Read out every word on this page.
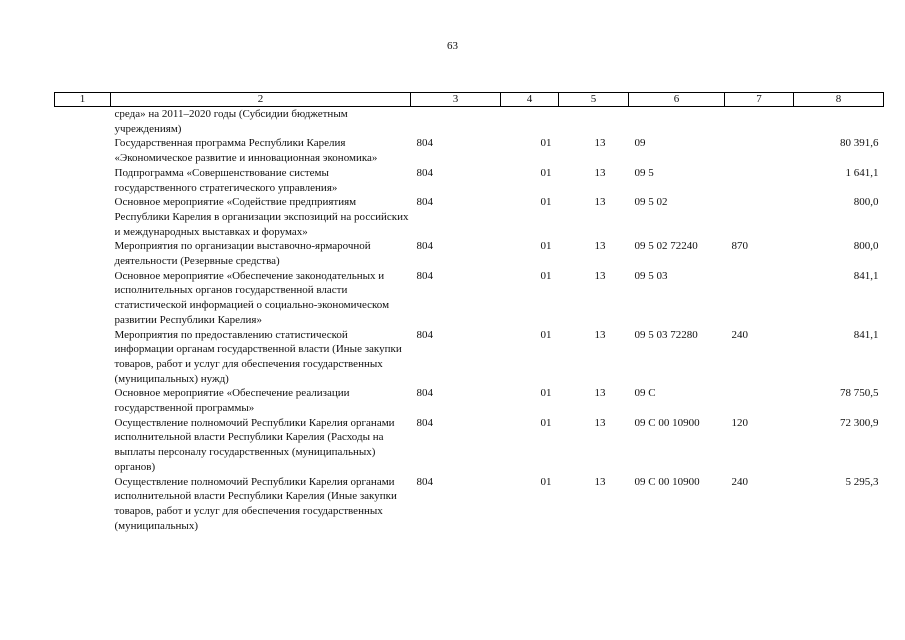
63
1	2	3	4	5	6	7	8
	среда» на 2011–2020 годы (Субсидии бюджетным учреждениям)						
	Государственная программа Республики Карелия «Экономическое развитие и инновационная экономика»	804	01	13	09		80 391,6
	Подпрограмма «Совершенствование системы государственного стратегического управления»	804	01	13	09 5		1 641,1
	Основное мероприятие «Содействие предприятиям Республики Карелия в организации экспозиций на российских и международных выставках и форумах»	804	01	13	09 5 02		800,0
	Мероприятия по организации выставочно-ярмарочной деятельности (Резервные средства)	804	01	13	09 5 02 72240	870	800,0
	Основное мероприятие «Обеспечение законодательных и исполнительных органов государственной власти статистической информацией о социально-экономическом развитии Республики Карелия»	804	01	13	09 5 03		841,1
	Мероприятия по предоставлению статистической информации органам государственной власти (Иные закупки товаров, работ и услуг для обеспечения государственных (муниципальных) нужд)	804	01	13	09 5 03 72280	240	841,1
	Основное мероприятие «Обеспечение реализации государственной программы»	804	01	13	09 С		78 750,5
	Осуществление полномочий Республики Карелия органами исполнительной власти Республики Карелия (Расходы на выплаты персоналу государственных (муниципальных) органов)	804	01	13	09 С 00 10900	120	72 300,9
	Осуществление полномочий Республики Карелия органами исполнительной власти Республики Карелия (Иные закупки товаров, работ и услуг для обеспечения государственных (муниципальных)	804	01	13	09 С 00 10900	240	5 295,3
